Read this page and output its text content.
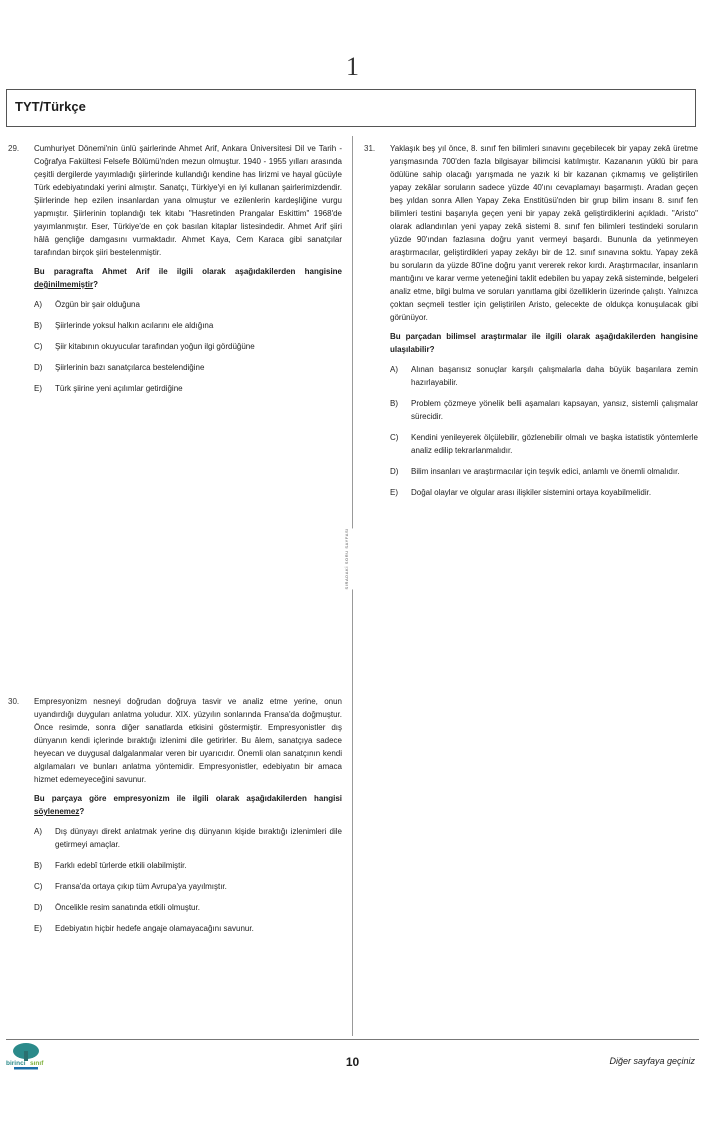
1
TYT/Türkçe
SIRADAKİ SORU SAYFASI
29. Cumhuriyet Dönemi'nin ünlü şairlerinde Ahmet Arif, Ankara Üniversitesi Dil ve Tarih - Coğrafya Fakültesi Felsefe Bölümü'nden mezun olmuştur. 1940 - 1955 yılları arasında çeşitli dergilerde yayımladığı şiirlerinde kullandığı kendine has lirizmi ve hayal gücüyle Türk edebiyatındaki yerini almıştır. Sanatçı, Türkiye'yi en iyi kullanan şairlerimizdendir. Şiirlerinde hep ezilen insanlardan yana olmuştur ve ezilenlerin kardeşliğine vurgu yapmıştır. Şiirlerinin toplandığı tek kitabı "Hasretinden Prangalar Eskittim" 1968'de yayımlanmıştır. Eser, Türkiye'de en çok basılan kitaplar listesindedir. Ahmet Arif şiiri hâlâ gençliğe damgasını vurmaktadır. Ahmet Kaya, Cem Karaca gibi sanatçılar tarafından birçok şiiri bestelenmiştir.

Bu paragrafta Ahmet Arif ile ilgili olarak aşağıdakilerden hangisine değinilmemiştir?

A) Özgün bir şair olduğuna
B) Şiirlerinde yoksul halkın acılarını ele aldığına
C) Şiir kitabının okuyucular tarafından yoğun ilgi gördüğüne
D) Şiirlerinin bazı sanatçılarca bestelendiğine
E) Türk şiirine yeni açılımlar getirdiğine
30. Empresyonizm nesneyi doğrudan doğruya tasvir ve analiz etme yerine, onun uyandırdığı duyguları anlatma yoludur. XIX. yüzyılın sonlarında Fransa'da doğmuştur. Önce resimde, sonra diğer sanatlarda etkisini göstermiştir. Empresyonistler dış dünyanın kendi içlerinde bıraktığı izlenimi dile getirirler. Bu âlem, sanatçıya sadece heyecan ve duygusal dalgalanmalar veren bir uyarıcıdır. Önemli olan sanatçının kendi algılamaları ve bunları anlatma yöntemidir. Empresyonistler, edebiyatın bir amaca hizmet edemeyeceğini savunur.

Bu parçaya göre empresyonizm ile ilgili olarak aşağıdakilerden hangisi söylenemez?

A) Dış dünyayı direkt anlatmak yerine dış dünyanın kişide bıraktığı izlenimleri dile getirmeyi amaçlar.
B) Farklı edebî türlerde etkili olabilmiştir.
C) Fransa'da ortaya çıkıp tüm Avrupa'ya yayılmıştır.
D) Öncelikle resim sanatında etkili olmuştur.
E) Edebiyatın hiçbir hedefe angaje olamayacağını savunur.
31. Yaklaşık beş yıl önce, 8. sınıf fen bilimleri sınavını geçebilecek bir yapay zekâ üretme yarışmasında 700'den fazla bilgisayar bilimcisi katılmıştır. Kazananın yüklü bir para ödülüne sahip olacağı yarışmada ne yazık ki bir kazanan çıkmamış ve geliştirilen yapay zekâlar soruların sadece yüzde 40'ını cevaplamayı başarmıştı. Aradan geçen beş yıldan sonra Allen Yapay Zeka Enstitüsü'nden bir grup bilim insanı 8. sınıf fen bilimleri testini başarıyla geçen yeni bir yapay zekâ geliştirdiklerini açıkladı. "Aristo" olarak adlandırılan yeni yapay zekâ sistemi 8. sınıf fen bilimleri testindeki soruların yüzde 90'ından fazlasına doğru yanıt vermeyi başardı. Bununla da yetinmeyen araştırmacılar, geliştirdikleri yapay zekâyı bir de 12. sınıf sınavına soktu. Yapay zekâ bu soruların da yüzde 80'ine doğru yanıt vererek rekor kırdı. Araştırmacılar, insanların mantığını ve karar verme yeteneğini taklit edebilen bu yapay zekâ sisteminde, belgeleri analiz etme, bilgi bulma ve soruları yanıtlama gibi özelliklerin üzerinde çalıştı. Yalnızca çoktan seçmeli testler için geliştirilen Aristo, gelecekte de oldukça konuşulacak gibi görünüyor.

Bu parçadan bilimsel araştırmalar ile ilgili olarak aşağıdakilerden hangisine ulaşılabilir?

A) Alınan başarısız sonuçlar karşılı çalışmalarla daha büyük başarılara zemin hazırlayabilir.
B) Problem çözmeye yönelik belli aşamaları kapsayan, yansız, sistemli çalışmalar sürecidir.
C) Kendini yenileyerek ölçülebilir, gözlenebilir olmalı ve başka istatistik yöntemlerle analiz edilip tekrarlanmalıdır.
D) Bilim insanları ve araştırmacılar için teşvik edici, anlamlı ve önemli olmalıdır.
E) Doğal olaylar ve olgular arası ilişkiler sistemini ortaya koyabilmelidir.
birinci sınıf	10	Diğer sayfaya geçiniz
